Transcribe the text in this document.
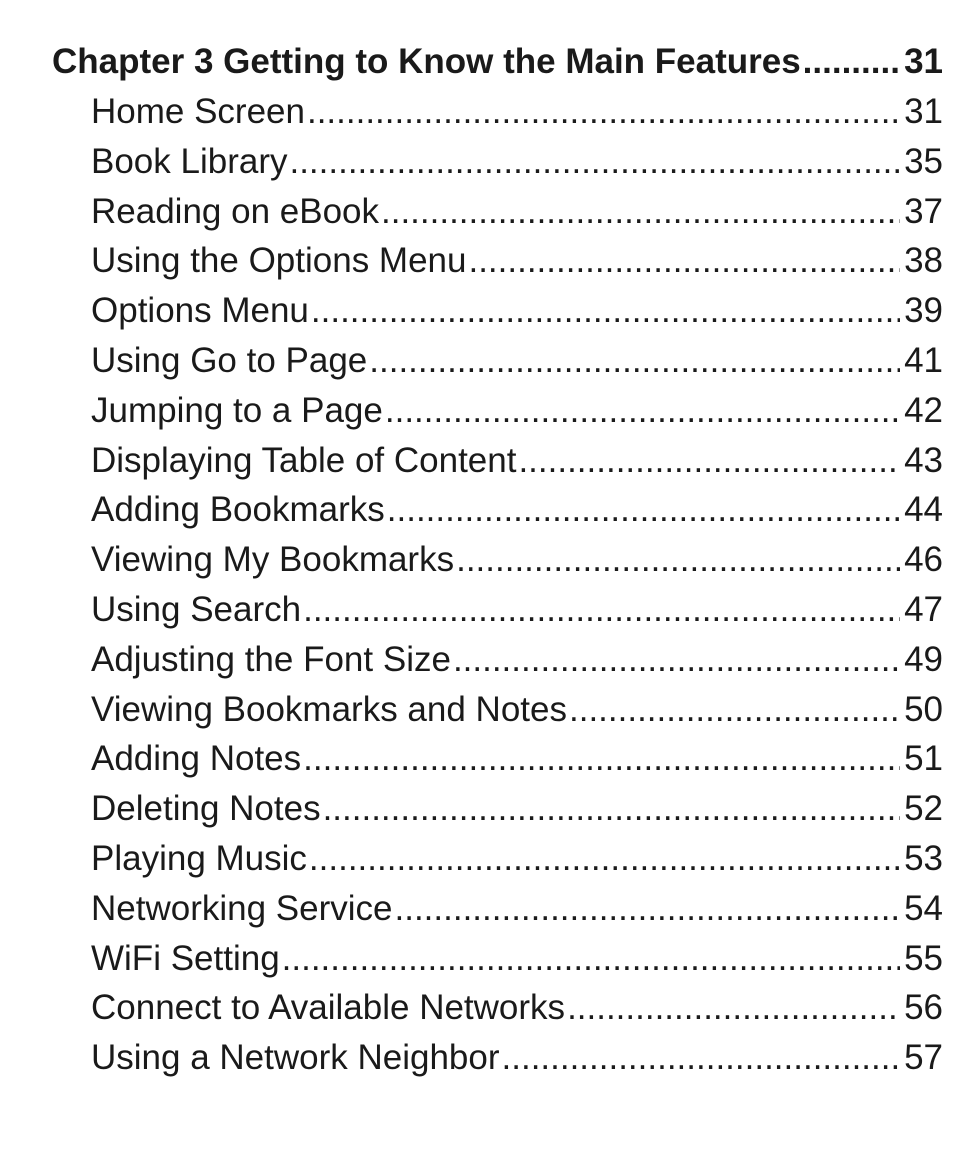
Chapter 3 Getting to Know the Main Features .....	31
Home Screen .....	31
Book Library .....	35
Reading on eBook .....	37
Using the Options Menu .....	38
Options Menu .....	39
Using Go to Page .....	41
Jumping to a Page .....	42
Displaying Table of Content .....	43
Adding Bookmarks .....	44
Viewing My Bookmarks .....	46
Using Search .....	47
Adjusting the Font Size .....	49
Viewing Bookmarks and Notes .....	50
Adding Notes .....	51
Deleting Notes .....	52
Playing Music .....	53
Networking Service .....	54
WiFi Setting .....	55
Connect to Available Networks .....	56
Using a Network Neighbor .....	57
